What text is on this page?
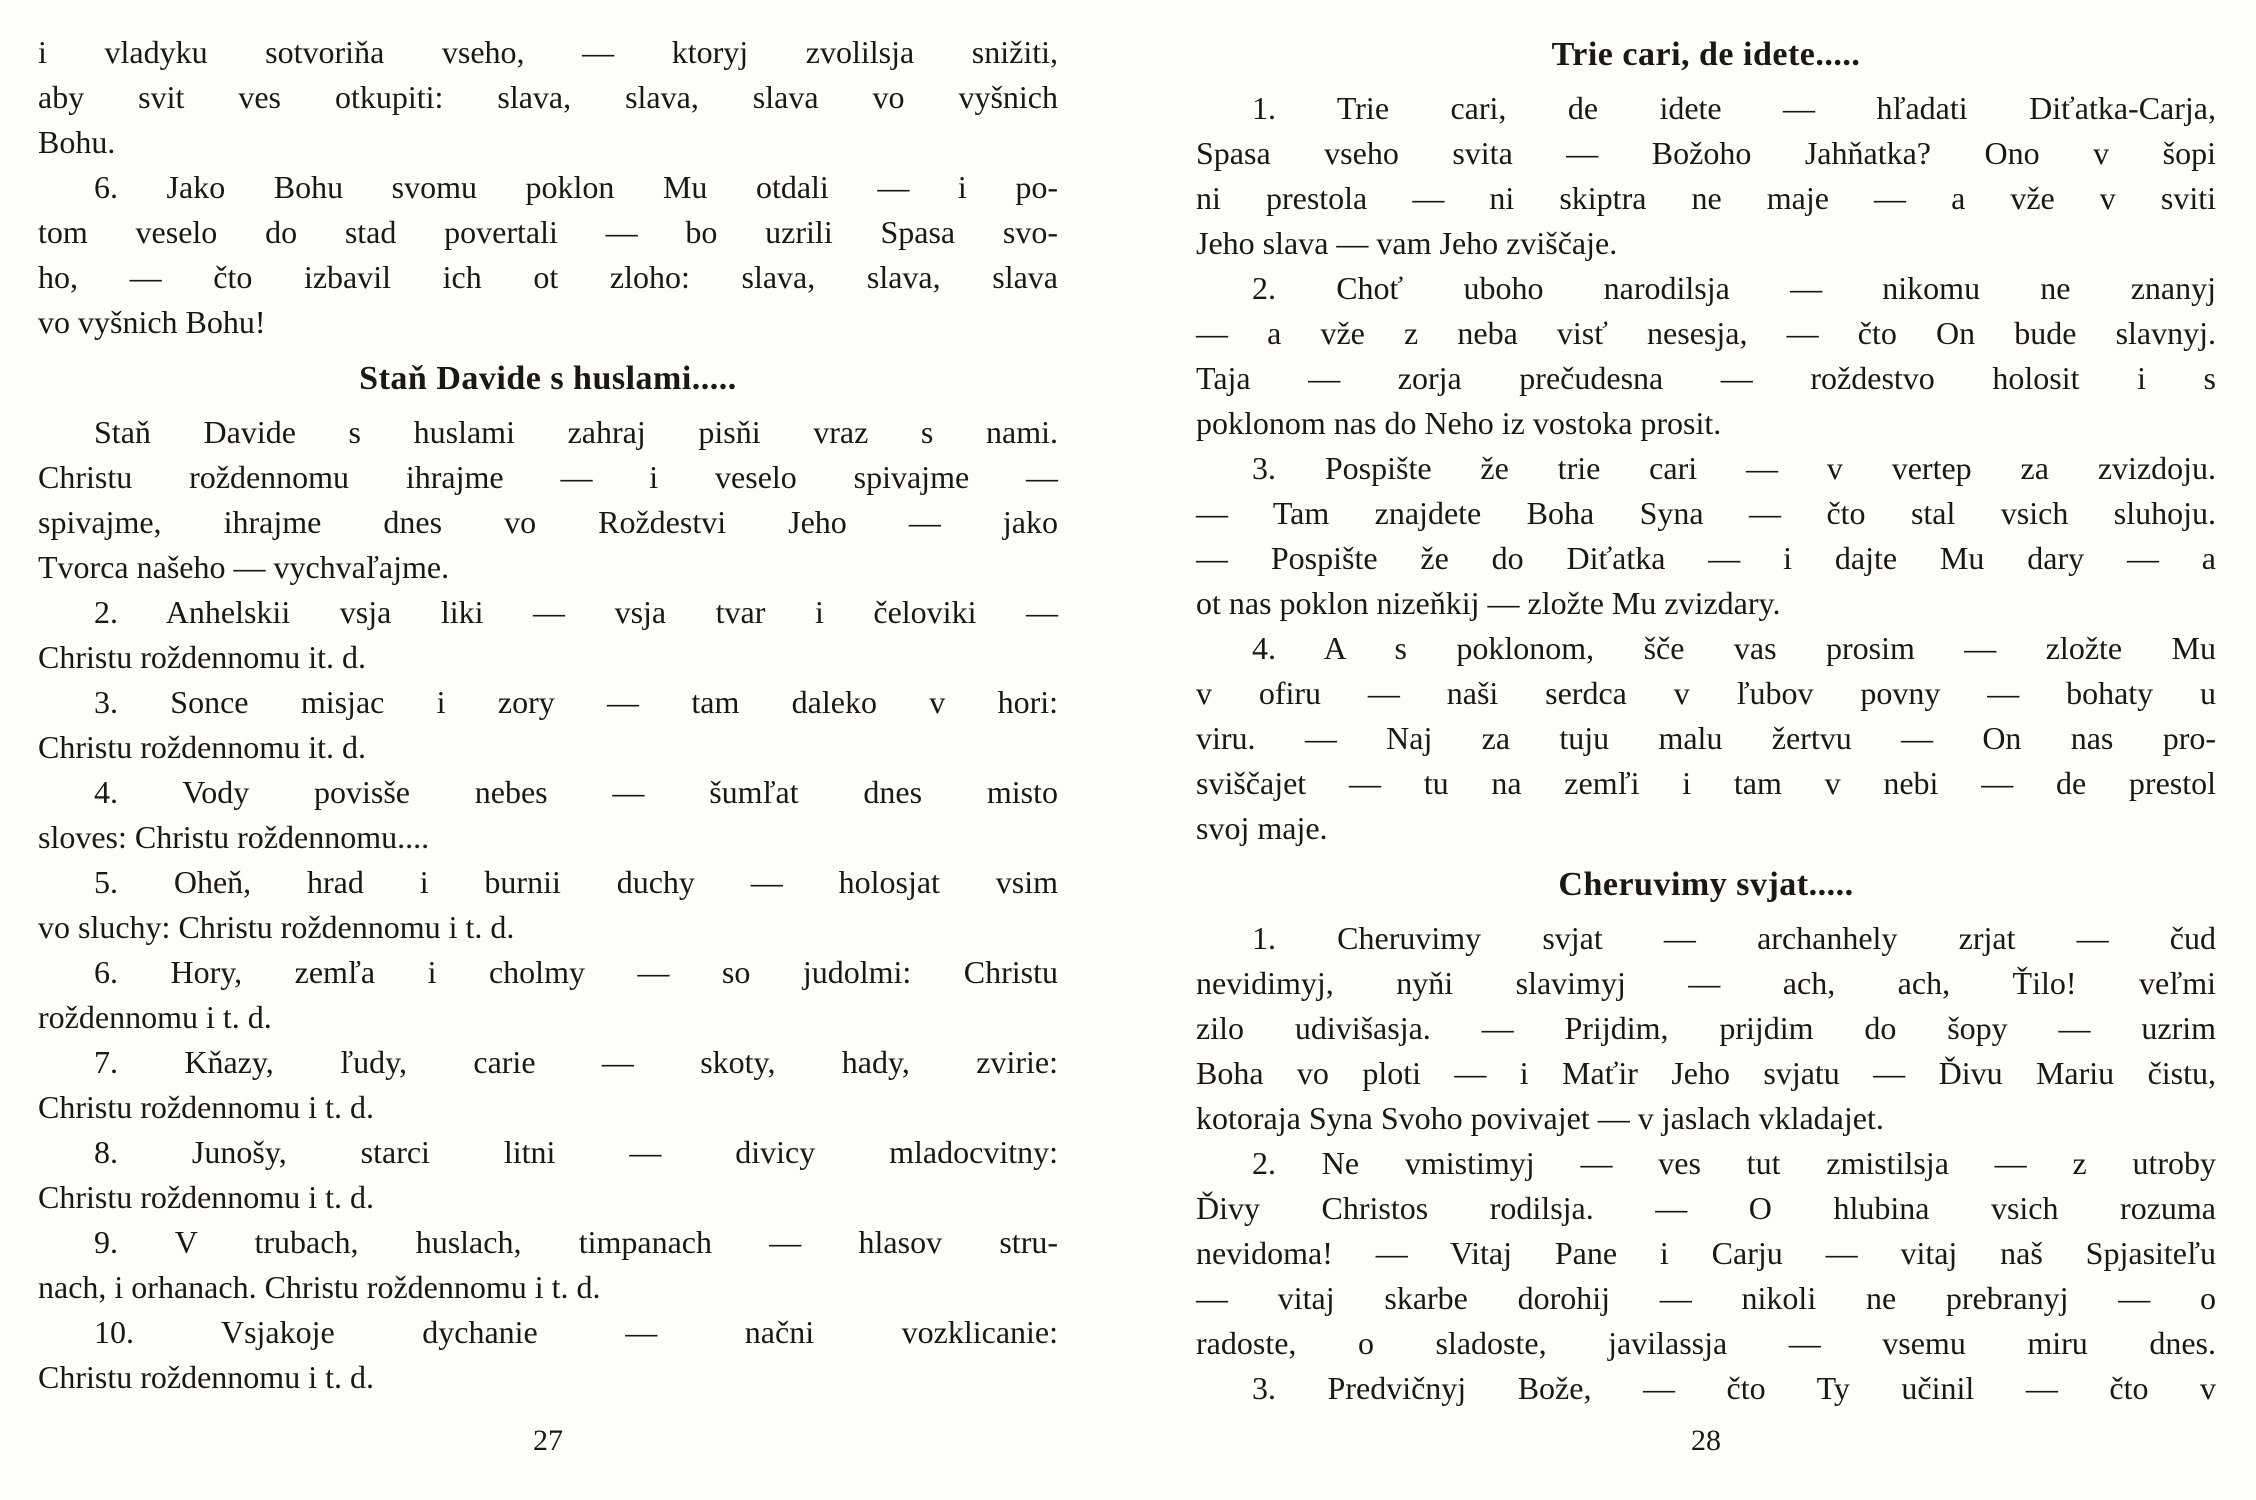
i vladyku sotvoriňa vseho, — ktoryj zvolilsja snižiti,
aby svit ves otkupiti: slava, slava, slava vo vyšnich
Bohu.
6. Jako Bohu svomu poklon Mu otdali — i po-
tom veselo do stad povertali — bo uzrili Spasa svo-
ho, — čto izbavil ich ot zloho: slava, slava, slava
vo vyšnich Bohu!
Staň Davide s huslami.....
Staň Davide s huslami zahraj pisňi vraz s nami.
Christu roždennomu ihrajme — i veselo spivajme —
spivajme, ihrajme dnes vo Roždestvi Jeho — jako
Tvorca našeho — vychvaľajme.
2. Anhelskii vsja liki — vsja tvar i čeloviki —
Christu roždennomu it. d.
3. Sonce misjac i zory — tam daleko v hori:
Christu roždennomu it. d.
4. Vody povisše nebes — šumľat dnes misto
sloves: Christu roždennomu....
5. Oheň, hrad i burnii duchy — holosjat vsim
vo sluchy: Christu roždennomu i t. d.
6. Hory, zemľa i cholmy — so judolmi: Christu
roždennomu i t. d.
7. Kňazy, ľudy, carie — skoty, hady, zvirie:
Christu roždennomu i t. d.
8. Junošy, starci litni — divicy mladocvitny:
Christu roždennomu i t. d.
9. V trubach, huslach, timpanach — hlasov stru-
nach, i orhanach. Christu roždennomu i t. d.
10. Vsjakoje dychanie — načni vozklicanie:
Christu roždennomu i t. d.
27
Trie cari, de idete.....
1. Trie cari, de idete — hľadati Diťatka-Carja,
Spasa vseho svita — Božoho Jahňatka? Ono v šopi
ni prestola — ni skiptra ne maje — a vže v sviti
Jeho slava — vam Jeho zviščaje.
2. Choť uboho narodilsja — nikomu ne znanyj
— a vže z neba visť nesesja, — čto On bude slavnyj.
Taja — zorja prečudesna — roždestvo holosit i s
poklonom nas do Neho iz vostoka prosit.
3. Pospište že trie cari — v vertep za zvizdoju.
— Tam znajdete Boha Syna — čto stal vsich sluhoju.
— Pospište že do Diťatka — i dajte Mu dary — a
ot nas poklon nizeňkij — zložte Mu zvizdary.
4. A s poklonom, šče vas prosim — zložte Mu
v ofiru — naši serdca v ľubov povny — bohaty u
viru. — Naj za tuju malu žertvu — On nas pro-
sviščajet — tu na zemľi i tam v nebi — de prestol
svoj maje.
Cheruvimy svjat.....
1. Cheruvimy svjat — archanhely zrjat — čud
nevidimyj, nyňi slavimyj — ach, ach, Ťilo! veľmi
zilo udivišasja. — Prijdim, prijdim do šopy — uzrim
Boha vo ploti — i Maťir Jeho svjatu — Ďivu Mariu čistu,
kotoraja Syna Svoho povivajet — v jaslach vkladajet.
2. Ne vmistimyj — ves tut zmistilsja — z utroby
Ďivy Christos rodilsja. — O hlubina vsich rozuma
nevidoma! — Vitaj Pane i Carju — vitaj naš Spjasiteľu
— vitaj skarbe dorohij — nikoli ne prebranyj — o
radoste, o sladoste, javilassja — vsemu miru dnes.
3. Predvičnyj Bože, — čto Ty učinil — čto v
28
